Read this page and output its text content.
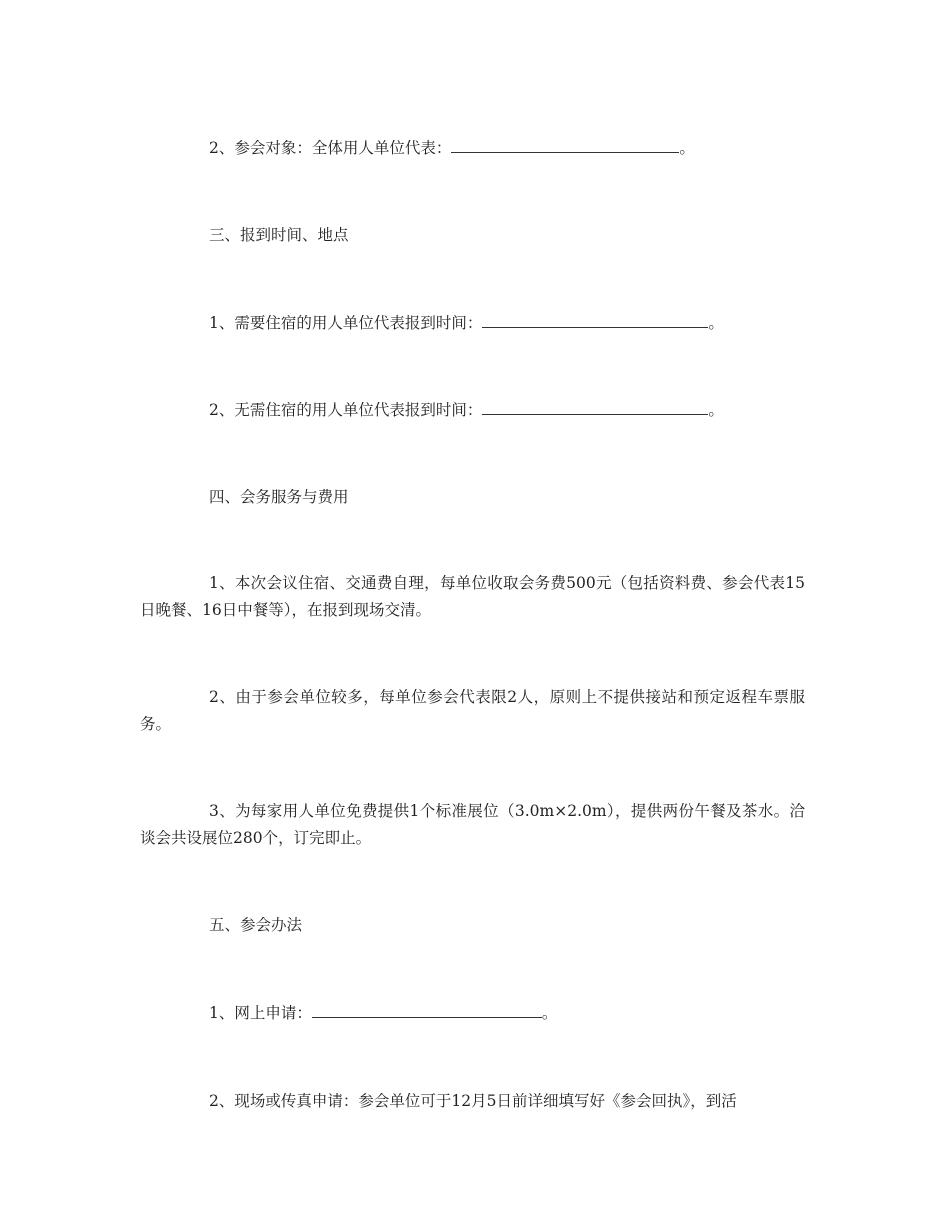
2、参会对象：全体用人单位代表：	。
三、报到时间、地点
1、需要住宿的用人单位代表报到时间：	。
2、无需住宿的用人单位代表报到时间：	。
四、会务服务与费用
1、本次会议住宿、交通费自理，每单位收取会务费500元（包括资料费、参会代表15日晚餐、16日中餐等），在报到现场交清。
2、由于参会单位较多，每单位参会代表限2人，原则上不提供接站和预定返程车票服务。
3、为每家用人单位免费提供1个标准展位（3.0m×2.0m），提供两份午餐及茶水。洽谈会共设展位280个，订完即止。
五、参会办法
1、网上申请：	。
2、现场或传真申请：参会单位可于12月5日前详细填写好《参会回执》，到活
